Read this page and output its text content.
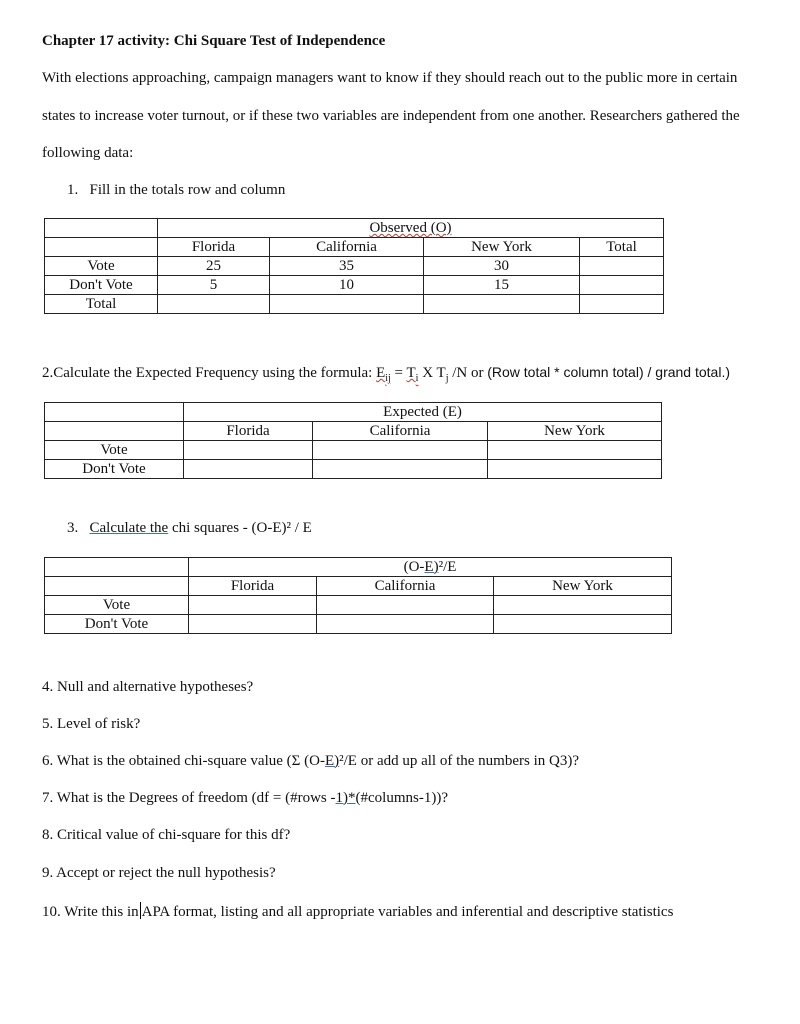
Chapter 17 activity: Chi Square Test of Independence
With elections approaching, campaign managers want to know if they should reach out to the public more in certain
states to increase voter turnout, or if these two variables are independent from one another. Researchers gathered the
following data:
1. Fill in the totals row and column
	Observed (O)			
	Florida	California	New York	Total
Vote	25	35	30	
Don't Vote	5	10	15	
Total				
2.Calculate the Expected Frequency using the formula: $E_{ij} = T_i$ X $T_j$ /N or (Row total * column total) / grand total.)
	Expected (E)		
	Florida	California	New York
Vote			
Don't Vote			
3. Calculate the chi squares - (O-E)² / E
	(O-E)²/E		
	Florida	California	New York
Vote			
Don't Vote			
4. Null and alternative hypotheses?
5. Level of risk?
6. What is the obtained chi-square value (Σ (O-E)²/E or add up all of the numbers in Q3)?
7. What is the Degrees of freedom (df = (#rows -1)*(#columns-1))?
8. Critical value of chi-square for this df?
9. Accept or reject the null hypothesis?
10. Write this in APA format, listing and all appropriate variables and inferential and descriptive statistics
